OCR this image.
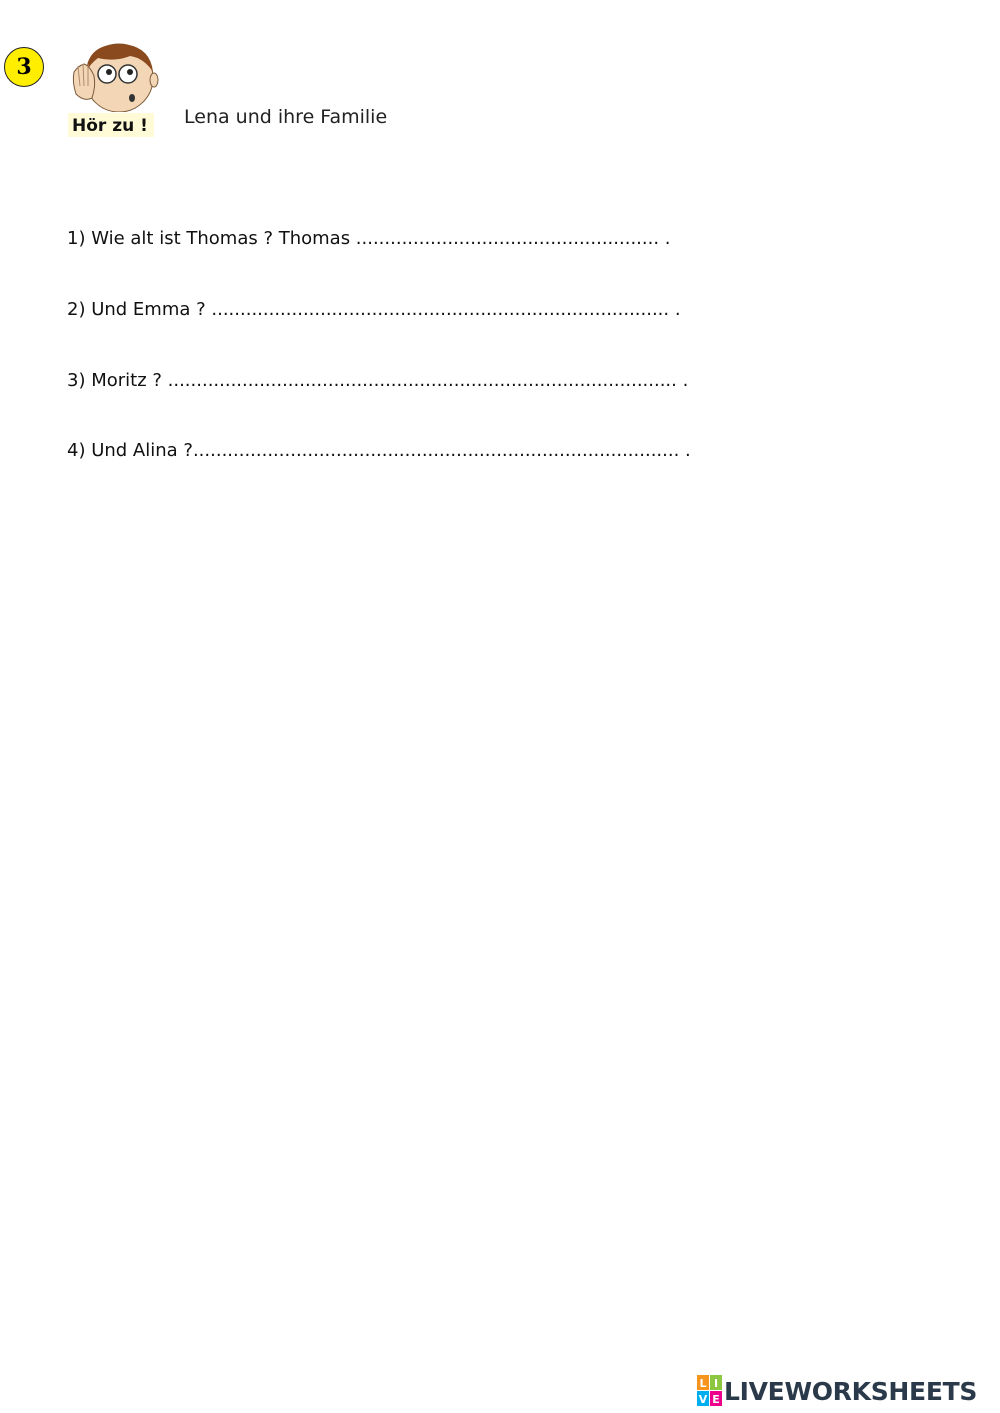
3
Hör zu !	Lena und ihre Familie
1) Wie alt ist Thomas ? Thomas ..................................................... .
2) Und Emma ? ................................................................................ .
3) Moritz ? ......................................................................................... .
4) Und Alina ?..................................................................................... .
L I
V E LIVEWORKSHEETS
